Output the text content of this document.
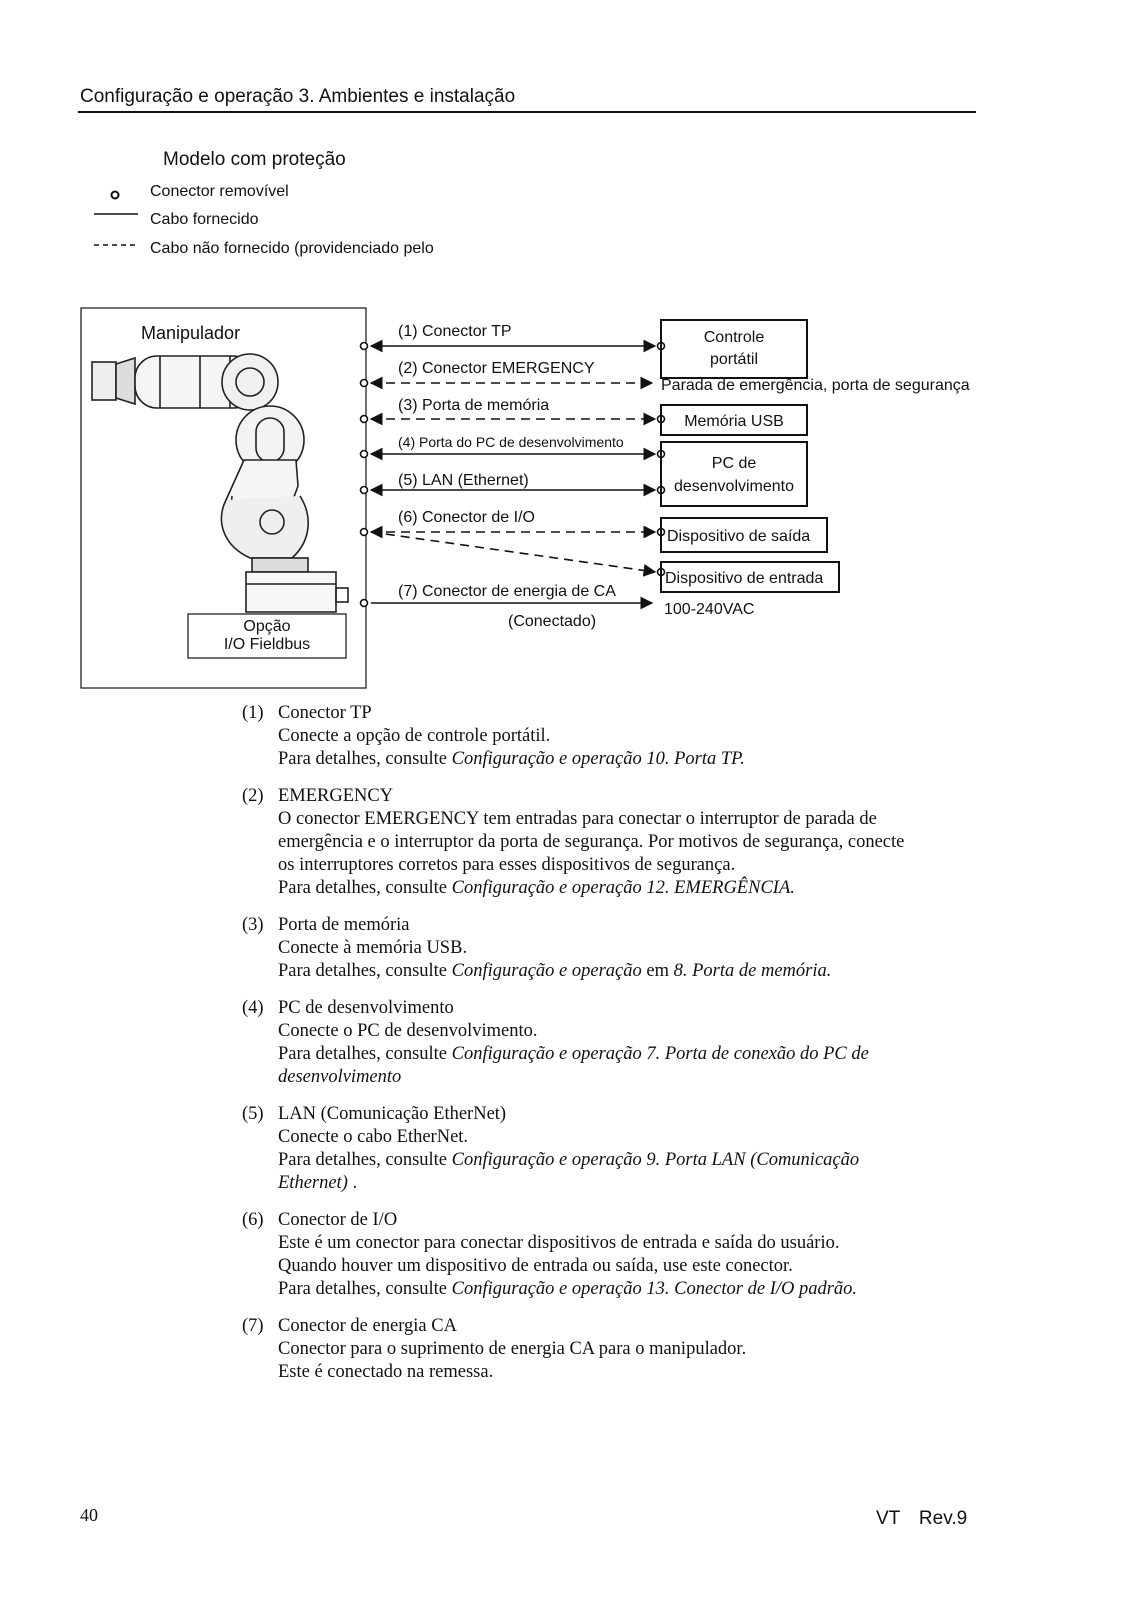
Configuração e operação 3. Ambientes e instalação
Modelo com proteção
Conector removível
Cabo fornecido
Cabo não fornecido (providenciado pelo
Manipulador
Opção
I/O Fieldbus
(1) Conector TP
(2) Conector EMERGENCY
(3) Porta de memória
(4) Porta do PC de desenvolvimento
(5) LAN (Ethernet)
(6) Conector de I/O
(7) Conector de energia de CA
(Conectado)
Controle
portátil
Parada de emergência, porta de segurança
Memória USB
PC de
desenvolvimento
Dispositivo de saída
Dispositivo de entrada
100-240VAC
(1) Conector TP
Conecte a opção de controle portátil.
Para detalhes, consulte Configuração e operação 10. Porta TP.
(2) EMERGENCY
O conector EMERGENCY tem entradas para conectar o interruptor de parada de
emergência e o interruptor da porta de segurança. Por motivos de segurança, conecte
os interruptores corretos para esses dispositivos de segurança.
Para detalhes, consulte Configuração e operação 12. EMERGÊNCIA.
(3) Porta de memória
Conecte à memória USB.
Para detalhes, consulte Configuração e operação em 8. Porta de memória.
(4) PC de desenvolvimento
Conecte o PC de desenvolvimento.
Para detalhes, consulte Configuração e operação 7. Porta de conexão do PC de
desenvolvimento
(5) LAN (Comunicação EtherNet)
Conecte o cabo EtherNet.
Para detalhes, consulte Configuração e operação 9. Porta LAN (Comunicação
Ethernet) .
(6) Conector de I/O
Este é um conector para conectar dispositivos de entrada e saída do usuário.
Quando houver um dispositivo de entrada ou saída, use este conector.
Para detalhes, consulte Configuração e operação 13. Conector de I/O padrão.
(7) Conector de energia CA
Conector para o suprimento de energia CA para o manipulador.
Este é conectado na remessa.
40	VT　Rev.9
